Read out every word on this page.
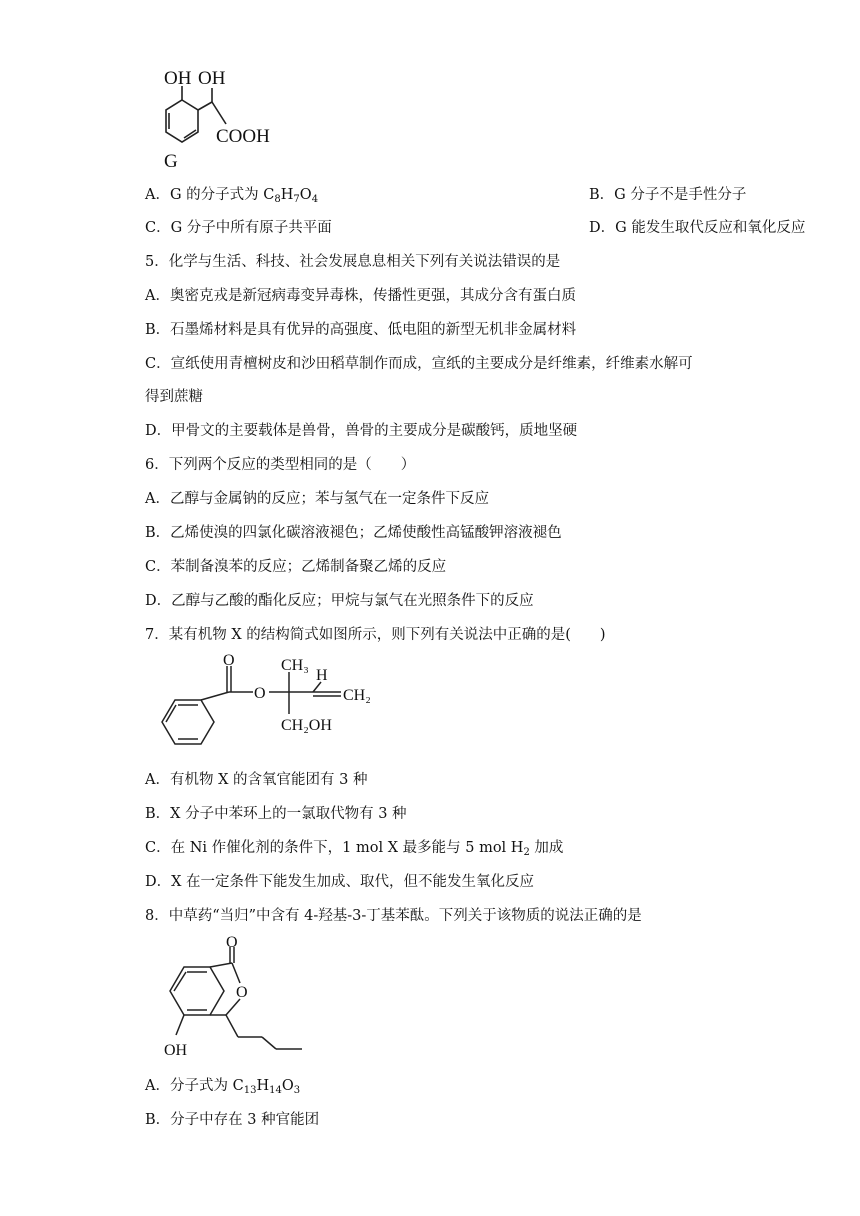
OH OH
COOH
G
A．G 的分子式为 $C_8H_7O_4$	B．G 分子不是手性分子
C．G 分子中所有原子共平面	D．G 能发生取代反应和氧化反应
5．化学与生活、科技、社会发展息息相关下列有关说法错误的是
A．奥密克戎是新冠病毒变异毒株，传播性更强，其成分含有蛋白质
B．石墨烯材料是具有优异的高强度、低电阻的新型无机非金属材料
C．宣纸使用青檀树皮和沙田稻草制作而成，宣纸的主要成分是纤维素，纤维素水解可
得到蔗糖
D．甲骨文的主要载体是兽骨，兽骨的主要成分是碳酸钙，质地坚硬
6．下列两个反应的类型相同的是（　　）
A．乙醇与金属钠的反应；苯与氢气在一定条件下反应
B．乙烯使溴的四氯化碳溶液褪色；乙烯使酸性高锰酸钾溶液褪色
C．苯制备溴苯的反应；乙烯制备聚乙烯的反应
D．乙醇与乙酸的酯化反应；甲烷与氯气在光照条件下的反应
7．某有机物 X 的结构简式如图所示，则下列有关说法中正确的是(　　)
O
O
CH₃
H
CH₂
CH₂OH
A．有机物 X 的含氧官能团有 3 种
B．X 分子中苯环上的一氯取代物有 3 种
C．在 Ni 作催化剂的条件下，1 mol X 最多能与 5 mol $H_2$ 加成
D．X 在一定条件下能发生加成、取代，但不能发生氧化反应
8．中草药“当归”中含有 4-羟基-3-丁基苯酞。下列关于该物质的说法正确的是
O
O
OH
A．分子式为 $C_{13}H_{14}O_3$
B．分子中存在 3 种官能团
